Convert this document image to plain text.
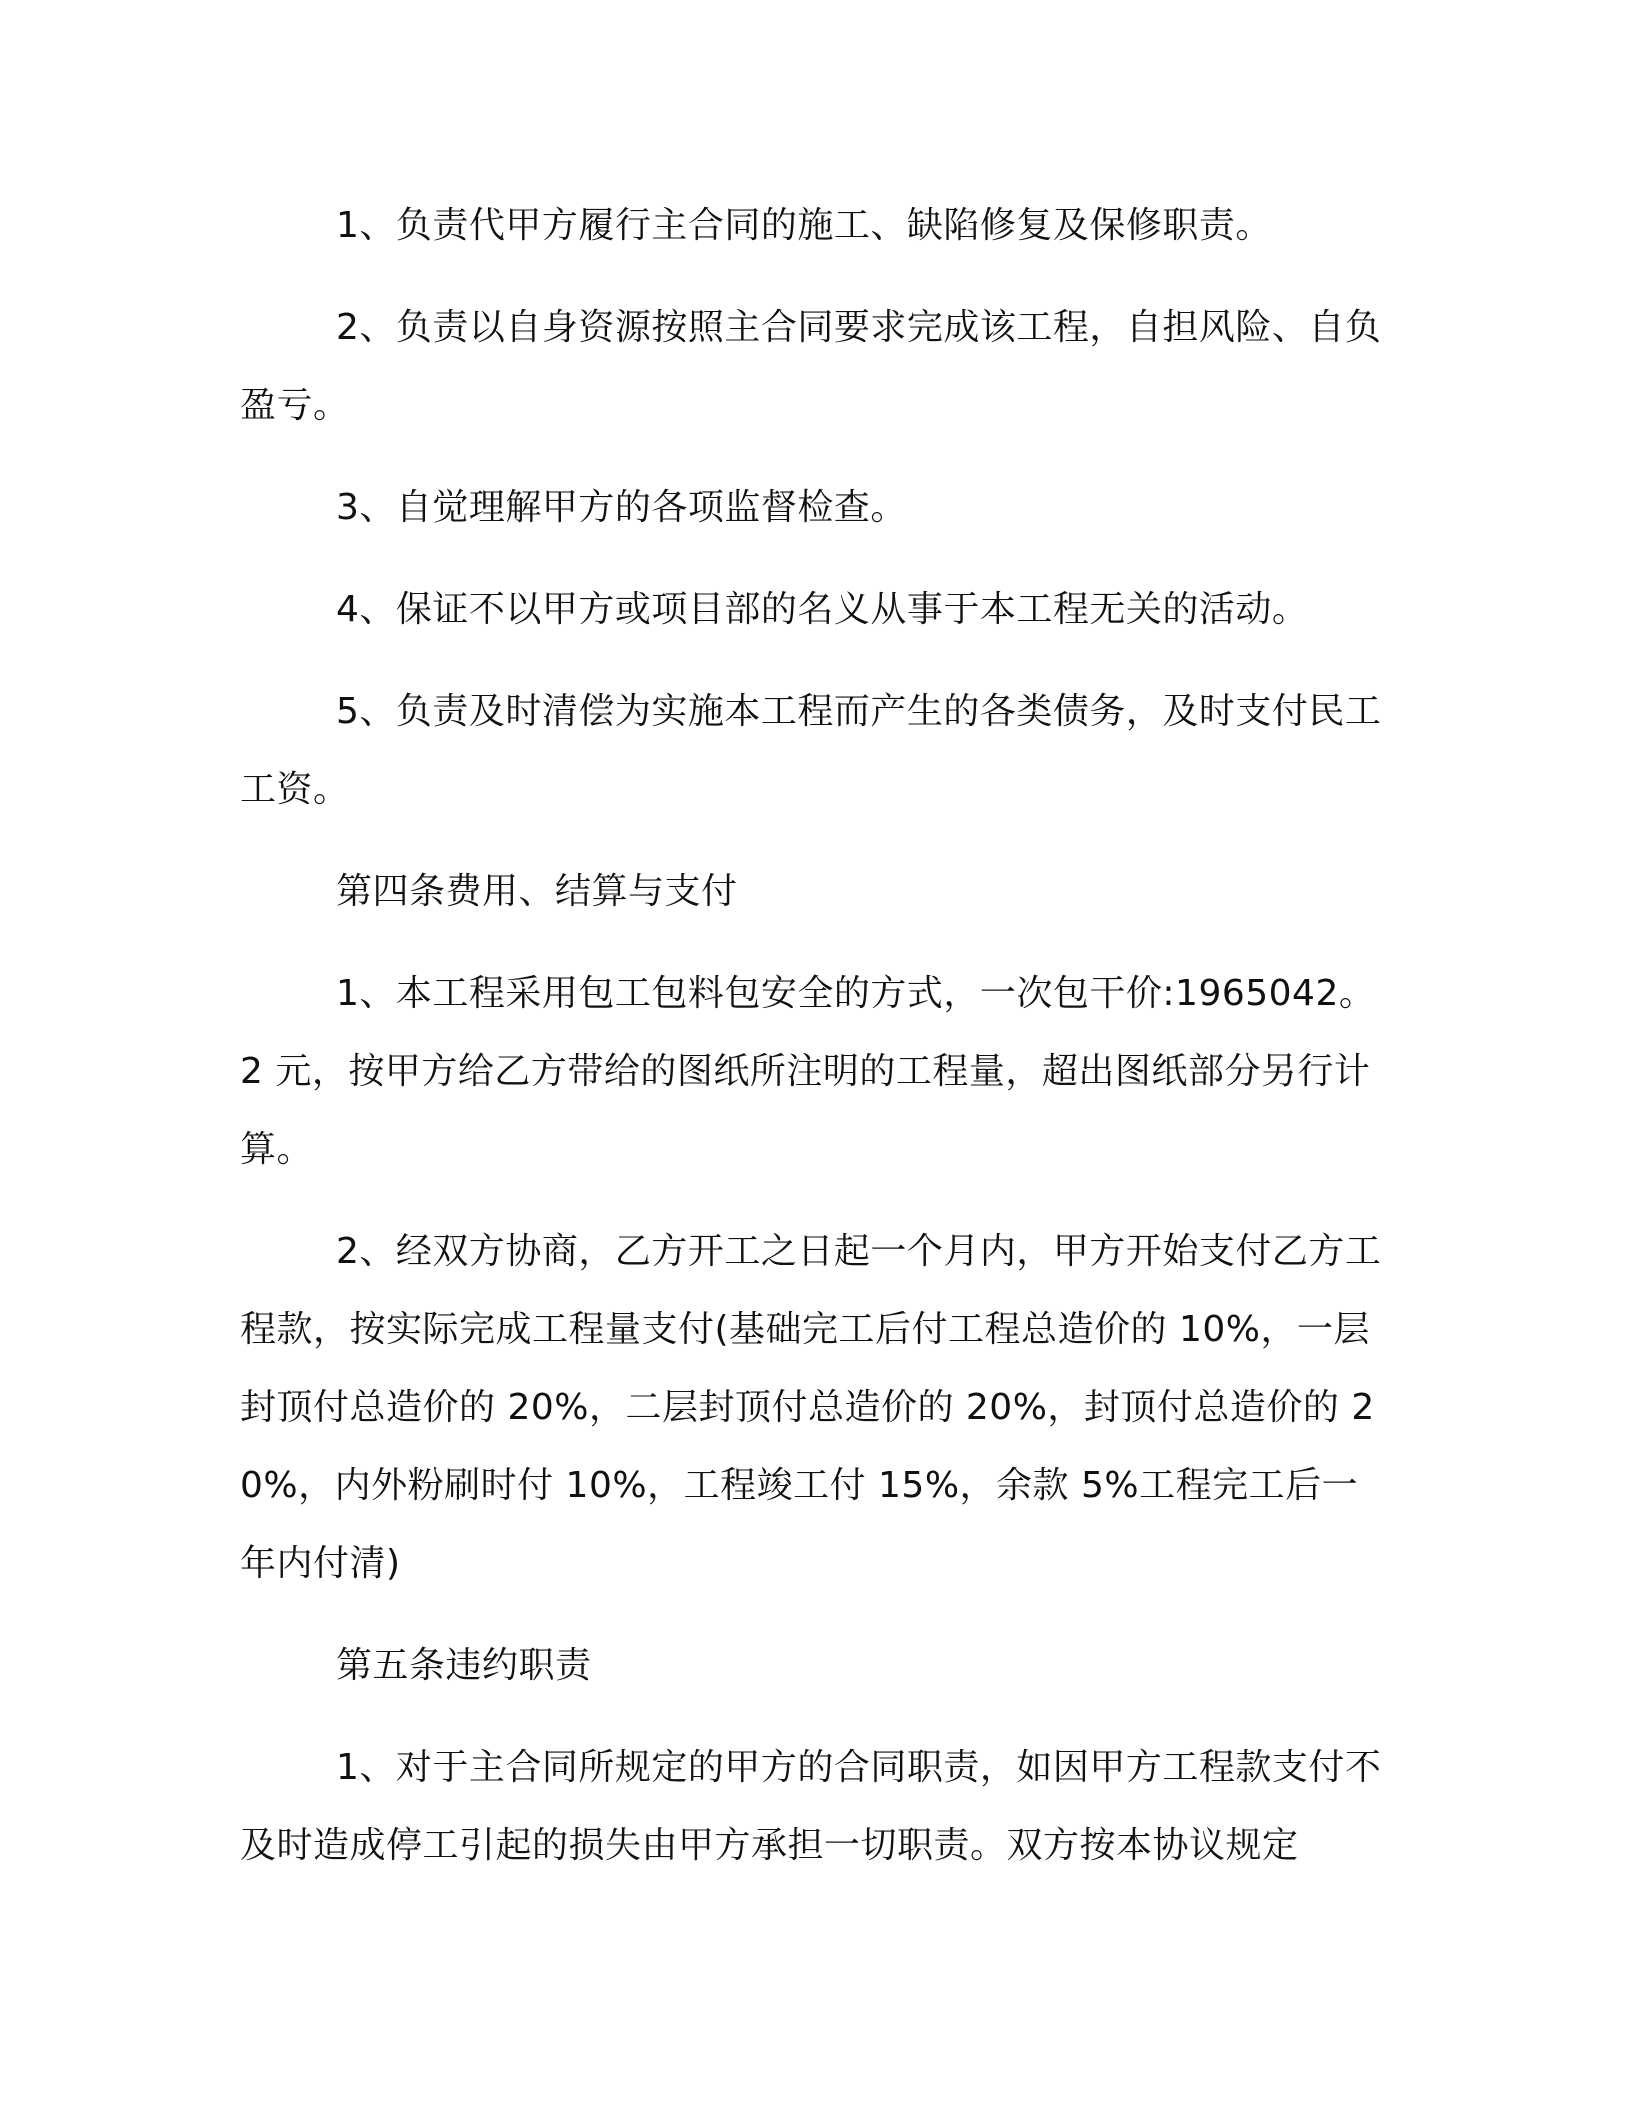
1、负责代甲方履行主合同的施工、缺陷修复及保修职责。

2、负责以自身资源按照主合同要求完成该工程，自担风险、自负盈亏。

3、自觉理解甲方的各项监督检查。

4、保证不以甲方或项目部的名义从事于本工程无关的活动。

5、负责及时清偿为实施本工程而产生的各类债务，及时支付民工工资。

第四条费用、结算与支付

1、本工程采用包工包料包安全的方式，一次包干价:1965042。2 元，按甲方给乙方带给的图纸所注明的工程量，超出图纸部分另行计算。

2、经双方协商，乙方开工之日起一个月内，甲方开始支付乙方工程款，按实际完成工程量支付(基础完工后付工程总造价的 10%，一层封顶付总造价的 20%，二层封顶付总造价的 20%，封顶付总造价的 20%，内外粉刷时付 10%，工程竣工付 15%，余款 5%工程完工后一年内付清)

第五条违约职责

1、对于主合同所规定的甲方的合同职责，如因甲方工程款支付不及时造成停工引起的损失由甲方承担一切职责。双方按本协议规定
